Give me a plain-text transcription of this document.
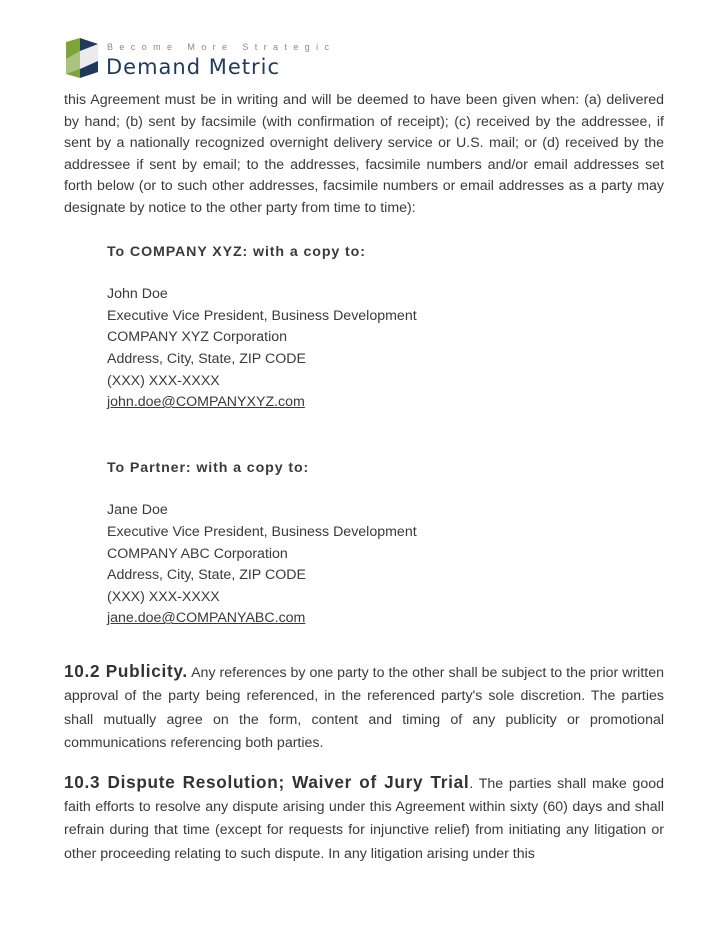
Become More Strategic
Demand Metric

this Agreement must be in writing and will be deemed to have been given when: (a) delivered by hand; (b) sent by facsimile (with confirmation of receipt); (c) received by the addressee, if sent by a nationally recognized overnight delivery service or U.S. mail; or (d) received by the addressee if sent by email; to the addresses, facsimile numbers and/or email addresses set forth below (or to such other addresses, facsimile numbers or email addresses as a party may designate by notice to the other party from time to time):

To COMPANY XYZ: with a copy to:

John Doe

Executive Vice President, Business Development

COMPANY XYZ Corporation

Address, City, State, ZIP CODE

(XXX) XXX-XXXX

john.doe@COMPANYXYZ.com

To Partner: with a copy to:

Jane Doe

Executive Vice President, Business Development

COMPANY ABC Corporation

Address, City, State, ZIP CODE

(XXX) XXX-XXXX

jane.doe@COMPANYABC.com

10.2 Publicity. Any references by one party to the other shall be subject to the prior written approval of the party being referenced, in the referenced party's sole discretion. The parties shall mutually agree on the form, content and timing of any publicity or promotional communications referencing both parties.

10.3 Dispute Resolution; Waiver of Jury Trial. The parties shall make good faith efforts to resolve any dispute arising under this Agreement within sixty (60) days and shall refrain during that time (except for requests for injunctive relief) from initiating any litigation or other proceeding relating to such dispute. In any litigation arising under this
